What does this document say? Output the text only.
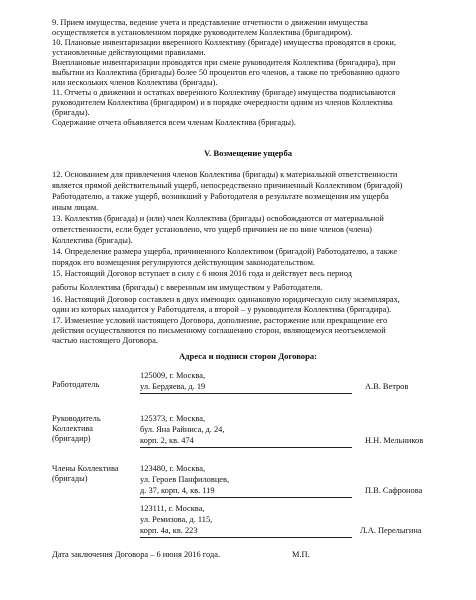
9. Прием имущества, ведение учета и представление отчетности о движении имущества
осуществляется в установленном порядке руководителем Коллектива (бригадиром).
10. Плановые инвентаризации вверенного Коллективу (бригаде) имущества проводятся в сроки,
установленные действующими правилами.
Внеплановые инвентаризации проводятся при смене руководителя Коллектива (бригадира), при
выбытии из Коллектива (бригады) более 50 процентов его членов, а также по требованию одного
или нескольких членов Коллектива (бригады).
11. Отчеты о движении и остатках вверенного Коллективу (бригаде) имущества подписываются
руководителем Коллектива (бригадиром) и в порядке очередности одним из членов Коллектива
(бригады).
Содержание отчета объявляется всем членам Коллектива (бригады).
V. Возмещение ущерба
12. Основанием для привлечения членов Коллектива (бригады) к материальной ответственности
является прямой действительный ущерб, непосредственно причиненный Коллективом (бригадой)
Работодателю, а также ущерб, возникший у Работодателя в результате возмещения им ущерба
иным лицам.
13. Коллектив (бригада) и (или) член Коллектива (бригады) освобождаются от материальной
ответственности, если будет установлено, что ущерб причинен не по вине членов (члена)
Коллектива (бригады).
14. Определение размера ущерба, причиненного Коллективом (бригадой) Работодателю, а также
порядок его возмещения регулируются действующим законодательством.
15. Настоящий Договор вступает в силу с 6 июня 2016 года и действует весь период
работы Коллектива (бригады) с вверенным им имуществом у Работодателя.
16. Настоящий Договор составлен в двух имеющих одинаковую юридическую силу экземплярах,
один из которых находится у Работодателя, а второй – у руководителя Коллектива (бригадира).
17. Изменение условий настоящего Договора, дополнение, расторжение или прекращение его
действия осуществляются по письменному соглашению сторон, являющемуся неотъемлемой
частью настоящего Договора.
Адреса и подписи сторон Договора:
Работодатель
125009, г. Москва,
ул. Бердяева, д. 19	А.В. Ветров
Руководитель
Коллектива
(бригадир)
125373, г. Москва,
бул. Яна Райниса, д. 24,
корп. 2, кв. 474	Н.Н. Мельников
Члены Коллектива
(бригады)
123480, г. Москва,
ул. Героев Панфиловцев,
д. 37, корп. 4, кв. 119	П.В. Сафронова
123111, г. Москва,
ул. Ремизова, д. 115,
корп. 4а, кв. 223	Л.А. Перелыгина
Дата заключения Договора – 6 июня 2016 года.	М.П.
